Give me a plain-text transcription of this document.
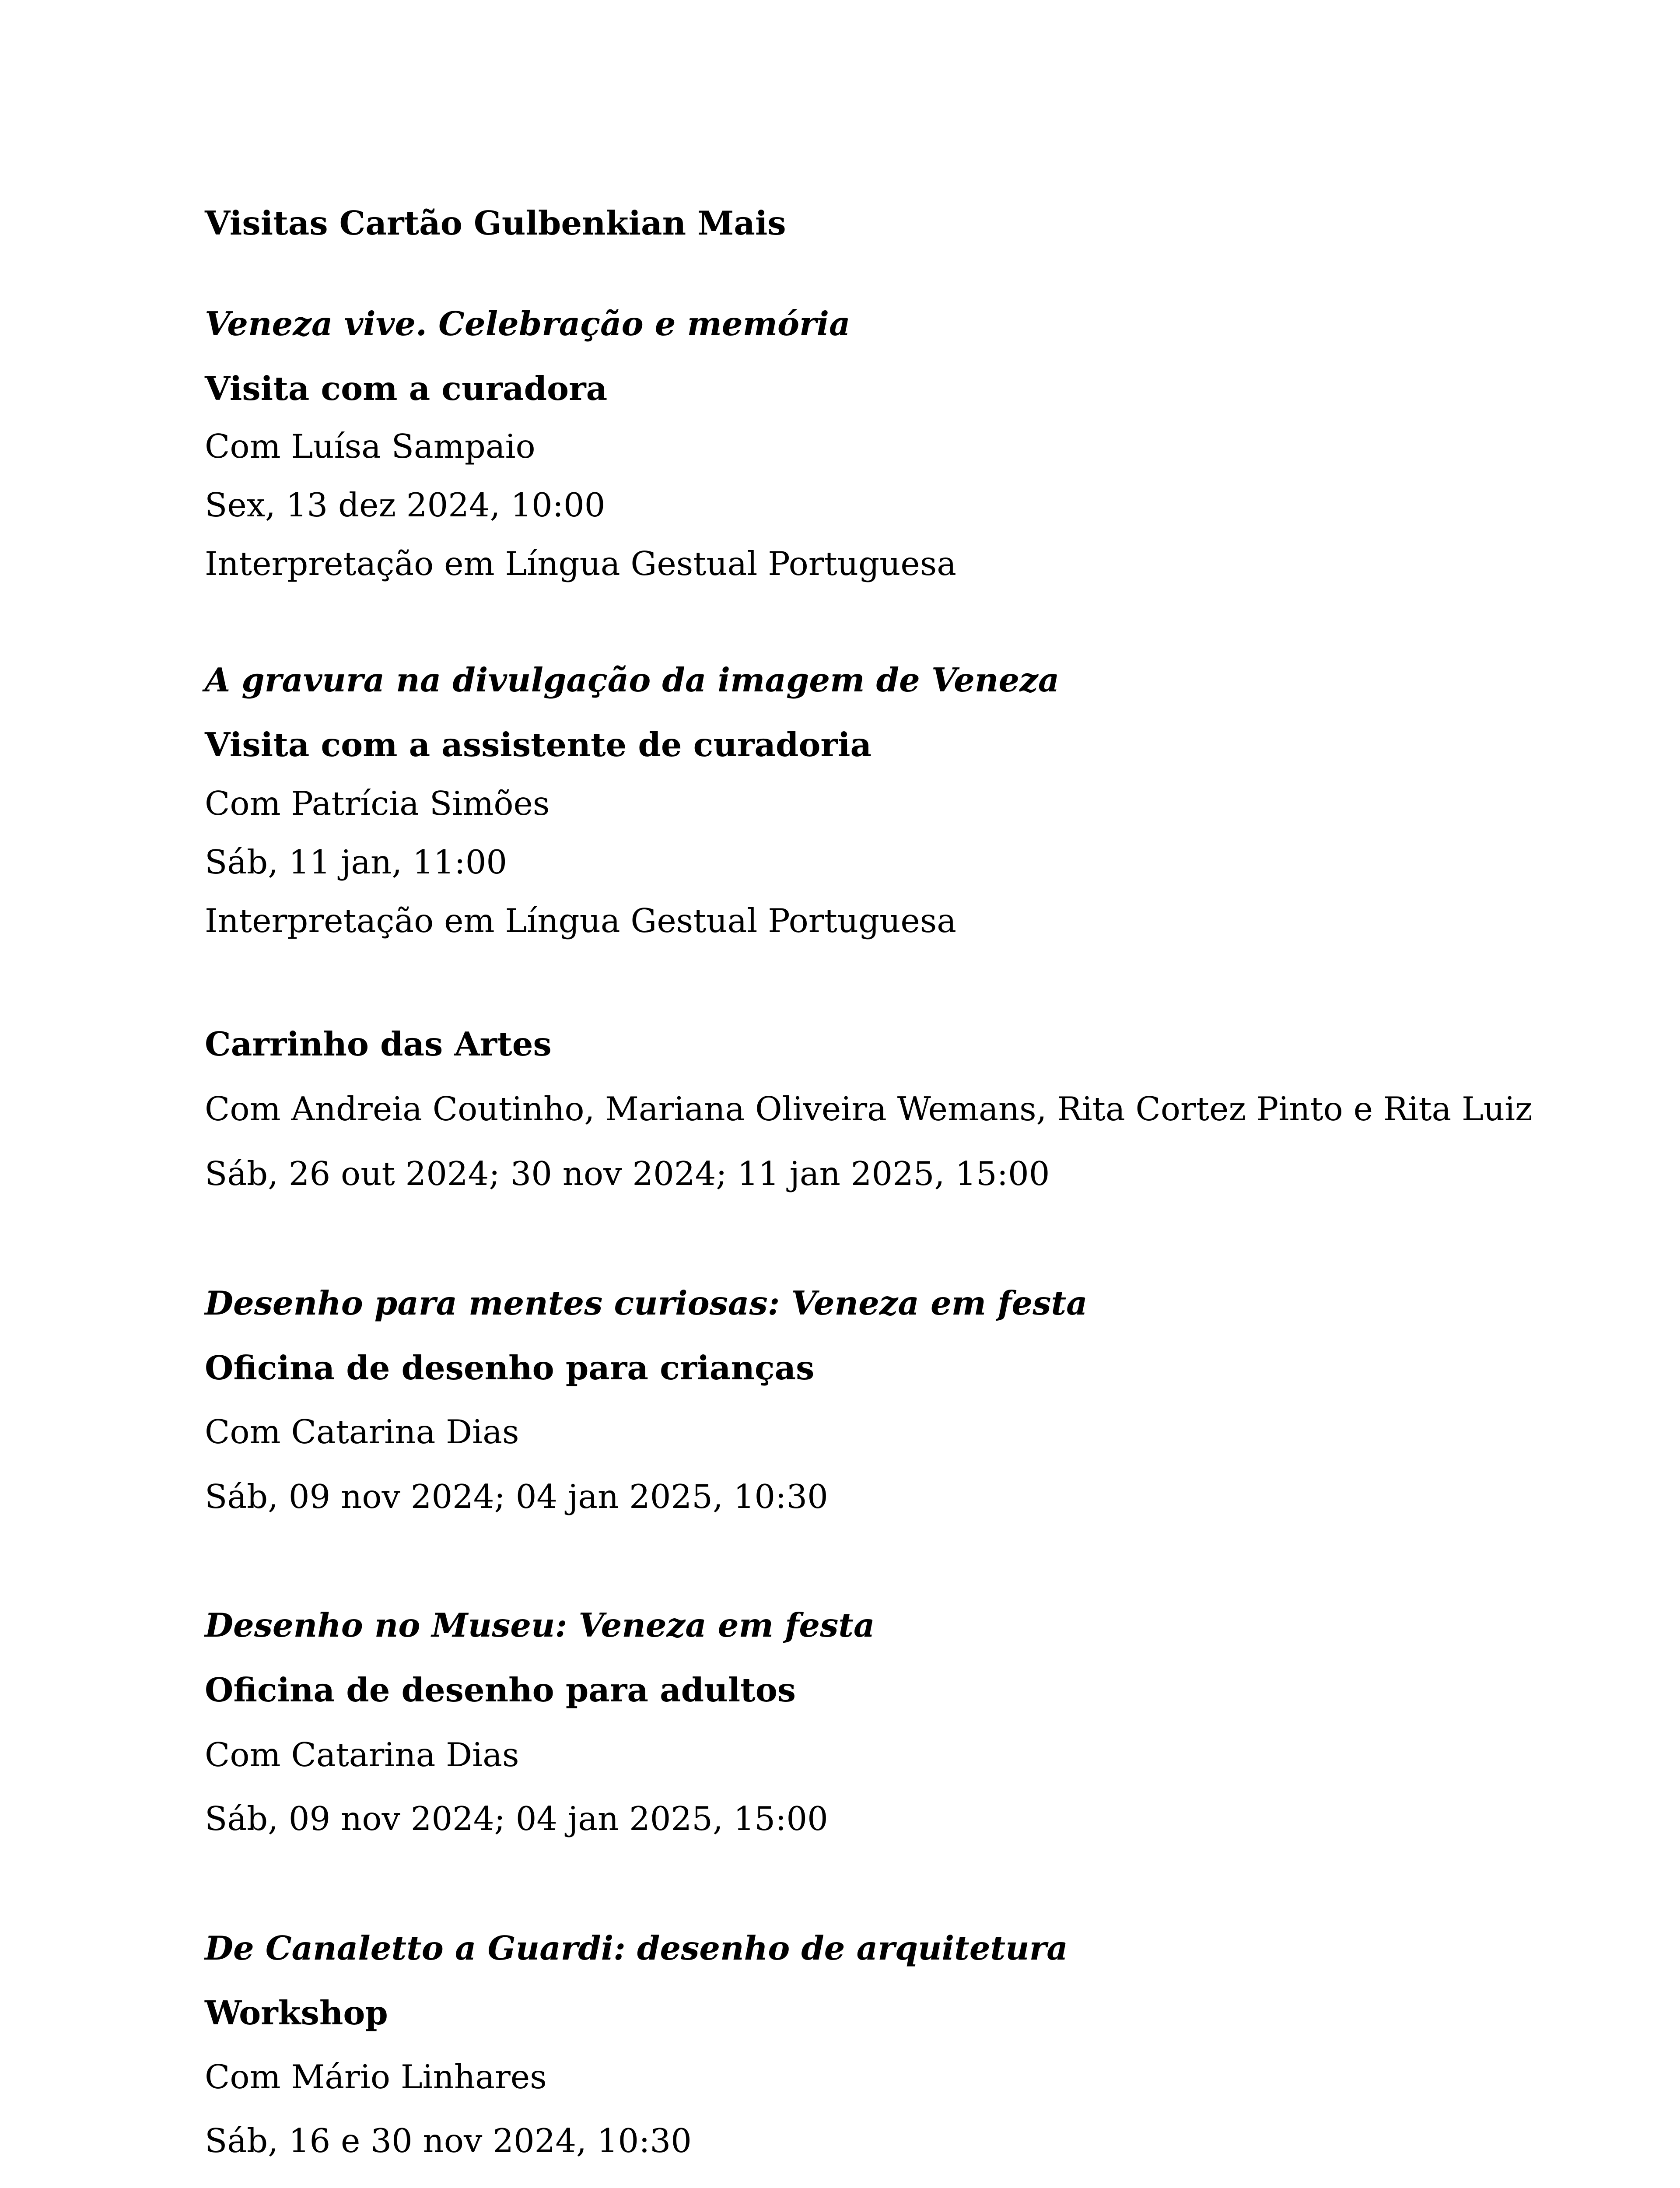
Visitas Cartão Gulbenkian Mais

Veneza vive. Celebração e memória

Visita com a curadora

Com Luísa Sampaio

Sex, 13 dez 2024, 10:00

Interpretação em Língua Gestual Portuguesa

A gravura na divulgação da imagem de Veneza

Visita com a assistente de curadoria

Com Patrícia Simões

Sáb, 11 jan, 11:00

Interpretação em Língua Gestual Portuguesa

Carrinho das Artes

Com Andreia Coutinho, Mariana Oliveira Wemans, Rita Cortez Pinto e Rita Luiz

Sáb, 26 out 2024; 30 nov 2024; 11 jan 2025, 15:00

Desenho para mentes curiosas: Veneza em festa

Oficina de desenho para crianças

Com Catarina Dias

Sáb, 09 nov 2024; 04 jan 2025, 10:30

Desenho no Museu: Veneza em festa

Oficina de desenho para adultos

Com Catarina Dias

Sáb, 09 nov 2024; 04 jan 2025, 15:00

De Canaletto a Guardi: desenho de arquitetura

Workshop

Com Mário Linhares

Sáb, 16 e 30 nov 2024, 10:30
